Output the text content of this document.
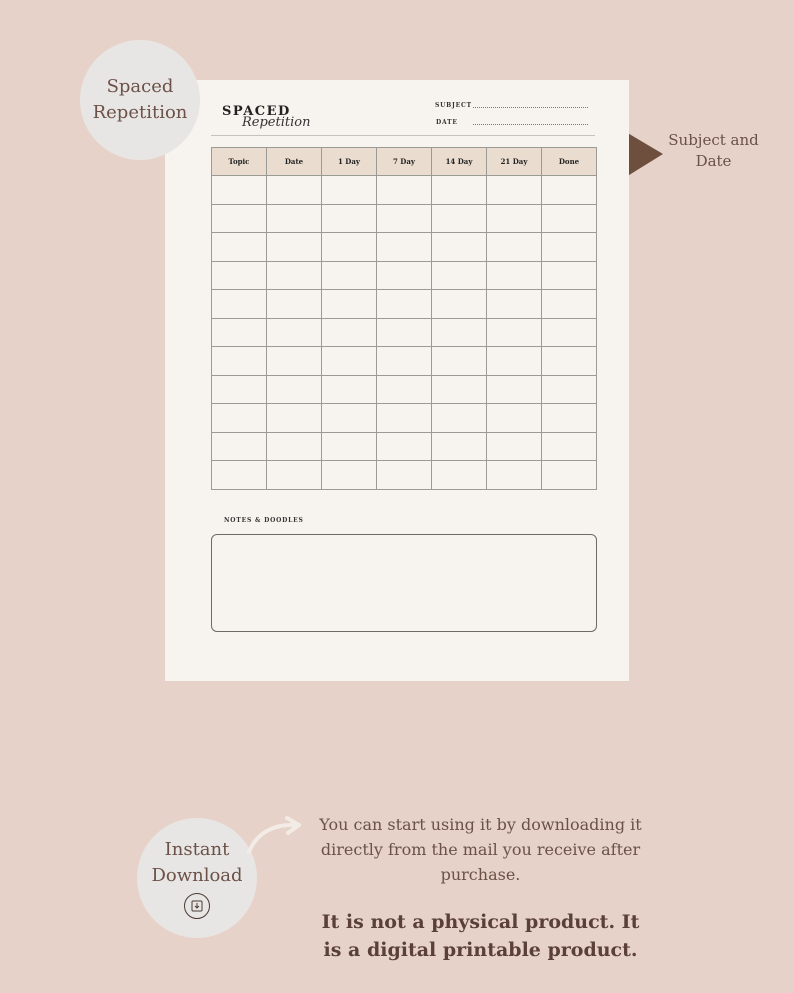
Spaced
Repetition	SPACED
Repetition
SUBJECT
DATE
Topic	Date	1 Day	7 Day	14 Day	21 Day	Done

NOTES & DOODLES
Subject and
Date
Instant
Download
You can start using it by downloading it directly from the mail you receive after purchase.
It is not a physical product. It is a digital printable product.
